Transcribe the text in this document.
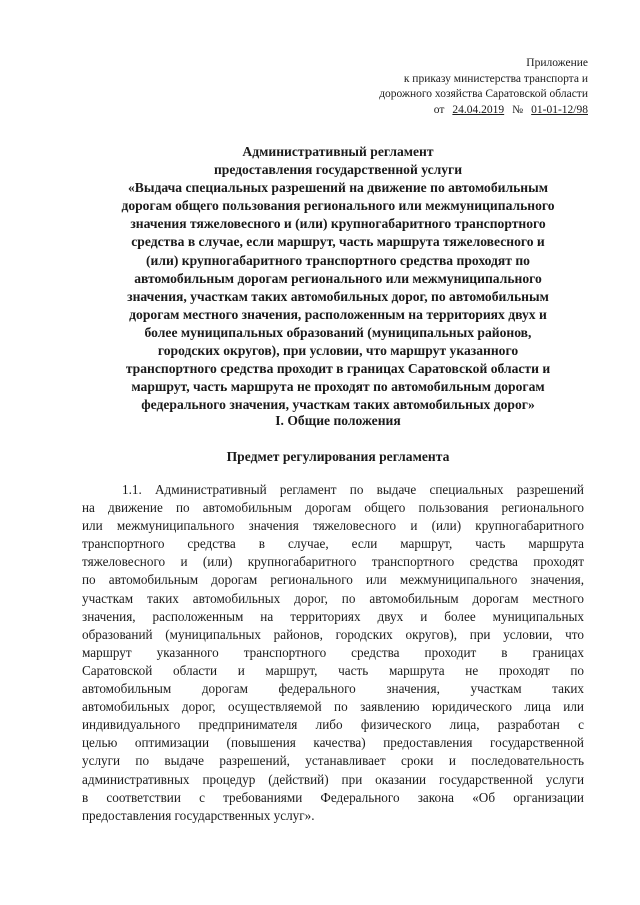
Приложение
к приказу министерства транспорта и
дорожного хозяйства Саратовской области
от 24.04.2019 № 01-01-12/98
Административный регламент
предоставления государственной услуги
«Выдача специальных разрешений на движение по автомобильным
дорогам общего пользования регионального или межмуниципального
значения тяжеловесного и (или) крупногабаритного транспортного
средства в случае, если маршрут, часть маршрута тяжеловесного и
(или) крупногабаритного транспортного средства проходят по
автомобильным дорогам регионального или межмуниципального
значения, участкам таких автомобильных дорог, по автомобильным
дорогам местного значения, расположенным на территориях двух и
более муниципальных образований (муниципальных районов,
городских округов), при условии, что маршрут указанного
транспортного средства проходит в границах Саратовской области и
маршрут, часть маршрута не проходят по автомобильным дорогам
федерального значения, участкам таких автомобильных дорог»
I. Общие положения
Предмет регулирования регламента
1.1. Административный регламент по выдаче специальных разрешений
на движение по автомобильным дорогам общего пользования регионального
или межмуниципального значения тяжеловесного и (или) крупногабаритного
транспортного средства в случае, если маршрут, часть маршрута
тяжеловесного и (или) крупногабаритного транспортного средства проходят
по автомобильным дорогам регионального или межмуниципального значения,
участкам таких автомобильных дорог, по автомобильным дорогам местного
значения, расположенным на территориях двух и более муниципальных
образований (муниципальных районов, городских округов), при условии, что
маршрут указанного транспортного средства проходит в границах
Саратовской области и маршрут, часть маршрута не проходят по
автомобильным дорогам федерального значения, участкам таких
автомобильных дорог, осуществляемой по заявлению юридического лица или
индивидуального предпринимателя либо физического лица, разработан с
целью оптимизации (повышения качества) предоставления государственной
услуги по выдаче разрешений, устанавливает сроки и последовательность
административных процедур (действий) при оказании государственной услуги
в соответствии с требованиями Федерального закона «Об организации
предоставления государственных услуг».
